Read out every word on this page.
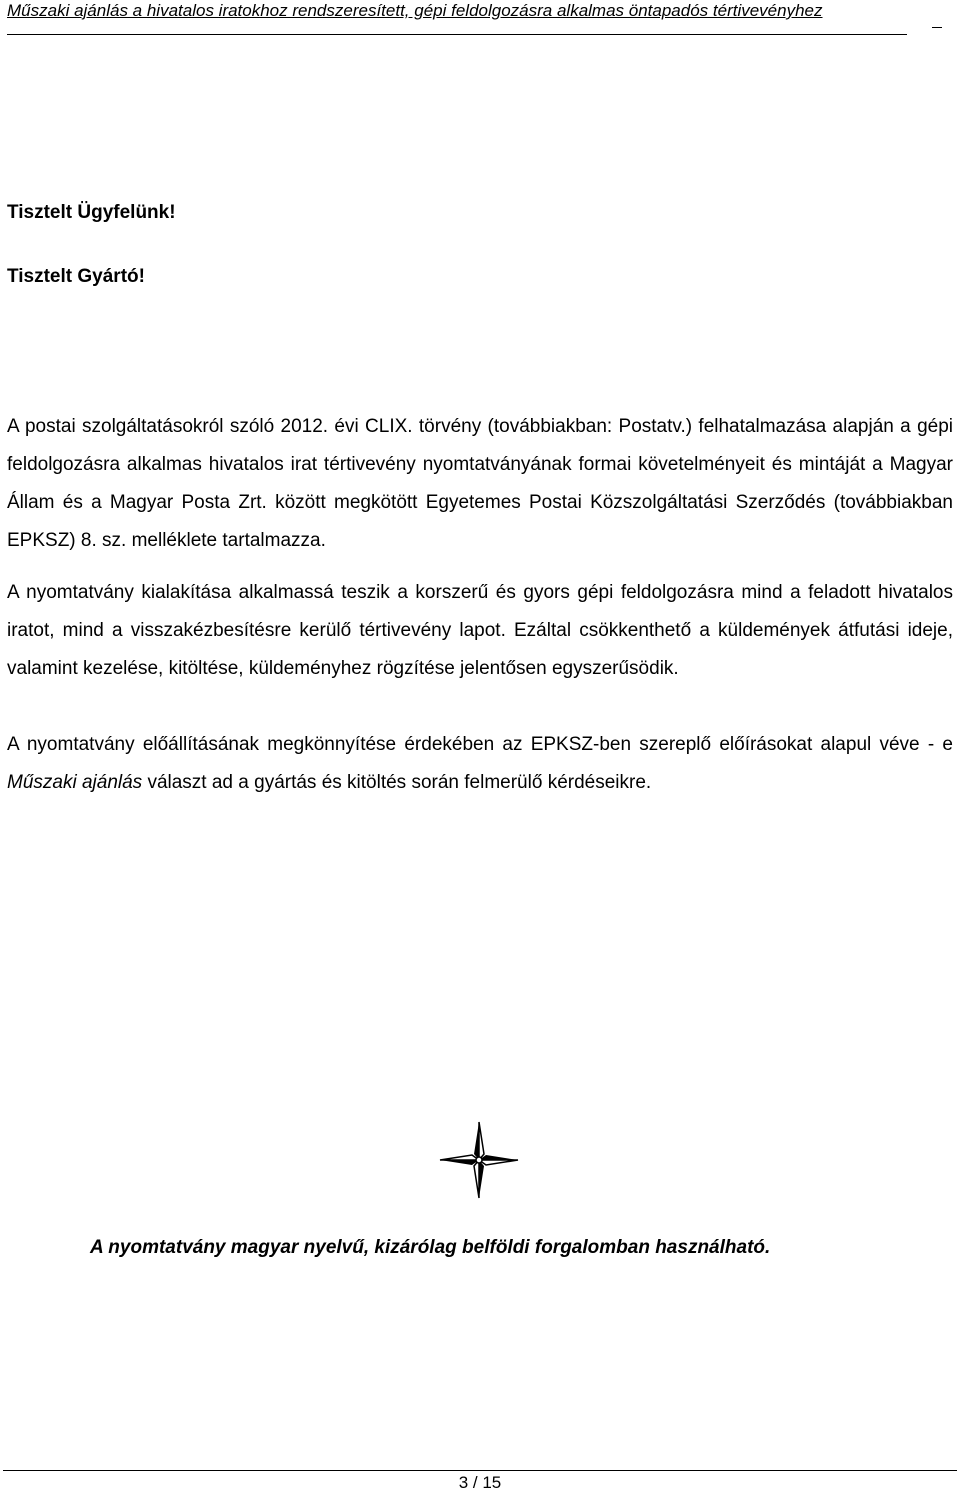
Műszaki ajánlás a hivatalos iratokhoz rendszeresített, gépi feldolgozásra alkalmas öntapadós tértivevényhez

Tisztelt Ügyfelünk!

Tisztelt Gyártó!

A postai szolgáltatásokról szóló 2012. évi CLIX. törvény (továbbiakban: Postatv.) felhatalmazása alapján a gépi feldolgozásra alkalmas hivatalos irat tértivevény nyomtatványának formai követelményeit és mintáját a Magyar Állam és a Magyar Posta Zrt. között megkötött Egyetemes Postai Közszolgáltatási Szerződés (továbbiakban EPKSZ) 8. sz. melléklete tartalmazza.

A nyomtatvány kialakítása alkalmassá teszik a korszerű és gyors gépi feldolgozásra mind a feladott hivatalos iratot, mind a visszakézbesítésre kerülő tértivevény lapot. Ezáltal csökkenthető a küldemények átfutási ideje, valamint kezelése, kitöltése, küldeményhez rögzítése jelentősen egyszerűsödik.

A nyomtatvány előállításának megkönnyítése érdekében az EPKSZ-ben szereplő előírásokat alapul véve - e Műszaki ajánlás választ ad a gyártás és kitöltés során felmerülő kérdéseikre.

A nyomtatvány magyar nyelvű, kizárólag belföldi forgalomban használható.

3 / 15
